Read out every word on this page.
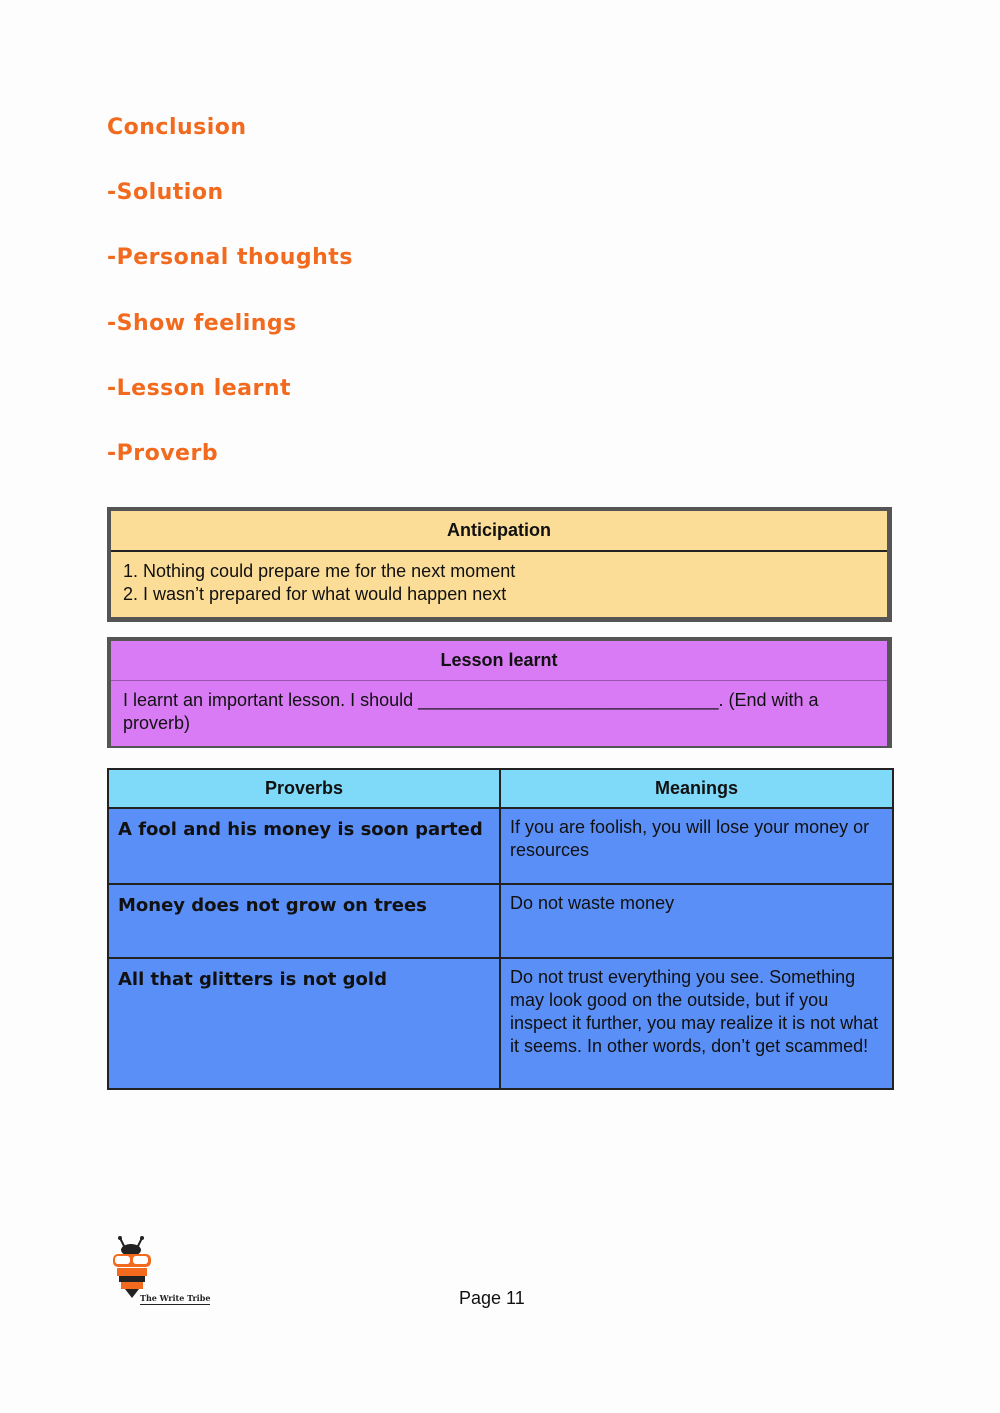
Conclusion
-Solution
-Personal thoughts
-Show feelings
-Lesson learnt
-Proverb
Anticipation
1. Nothing could prepare me for the next moment
2. I wasn’t prepared for what would happen next
Lesson learnt
I learnt an important lesson. I should ______________________________. (End with a proverb)
Proverbs	Meanings
A fool and his money is soon parted	If you are foolish, you will lose your money or resources
Money does not grow on trees	Do not waste money
All that glitters is not gold	Do not trust everything you see. Something may look good on the outside, but if you inspect it further, you may realize it is not what it seems. In other words, don’t get scammed!
The Write Tribe	Page 11
